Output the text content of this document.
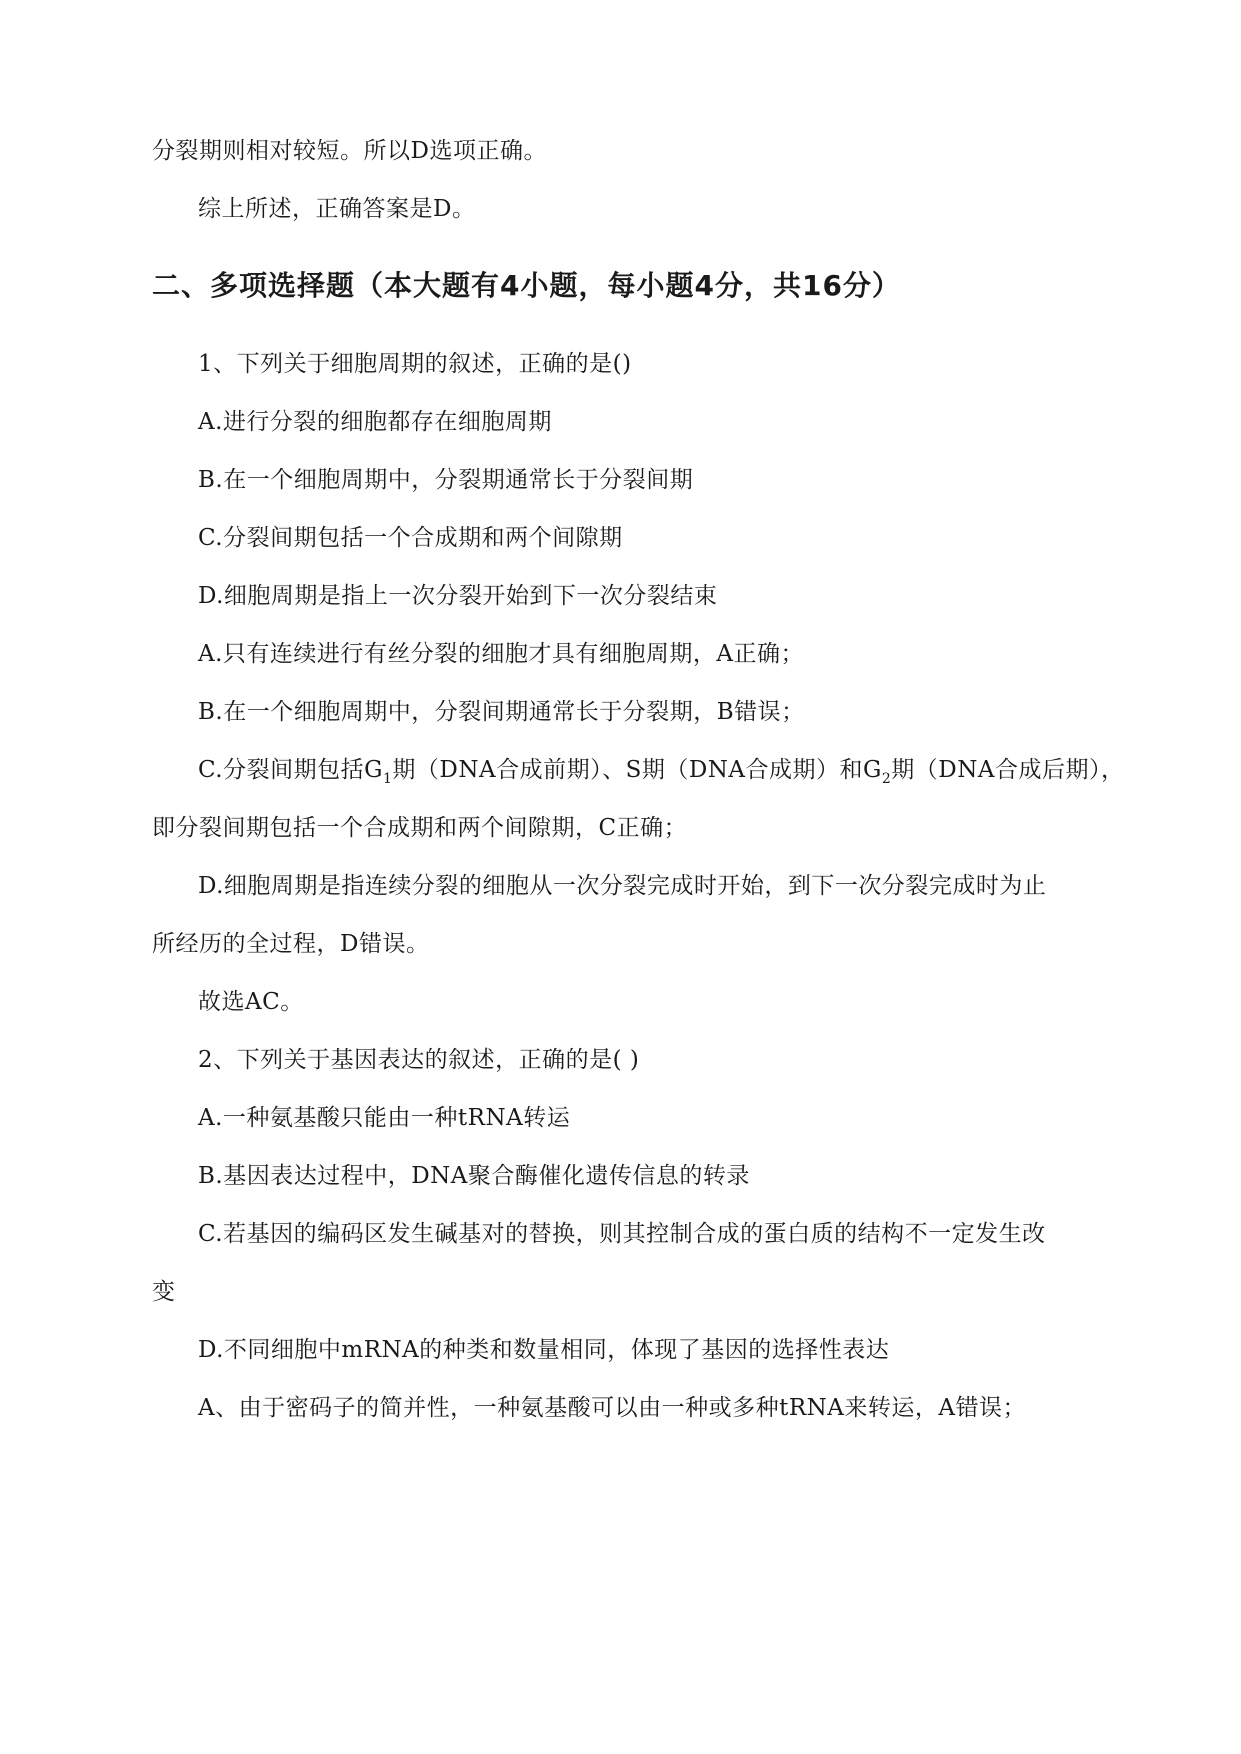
分裂期则相对较短。所以D选项正确。
综上所述，正确答案是D。
二、多项选择题（本大题有4小题，每小题4分，共16分）
1、下列关于细胞周期的叙述，正确的是()
A.进行分裂的细胞都存在细胞周期
B.在一个细胞周期中，分裂期通常长于分裂间期
C.分裂间期包括一个合成期和两个间隙期
D.细胞周期是指上一次分裂开始到下一次分裂结束
A.只有连续进行有丝分裂的细胞才具有细胞周期，A正确；
B.在一个细胞周期中，分裂间期通常长于分裂期，B错误；
C.分裂间期包括$G_1$期（DNA合成前期）、S期（DNA合成期）和$G_2$期（DNA合成后期），
即分裂间期包括一个合成期和两个间隙期，C正确；
D.细胞周期是指连续分裂的细胞从一次分裂完成时开始，到下一次分裂完成时为止
所经历的全过程，D错误。
故选AC。
2、下列关于基因表达的叙述，正确的是( )
A.一种氨基酸只能由一种tRNA转运
B.基因表达过程中，DNA聚合酶催化遗传信息的转录
C.若基因的编码区发生碱基对的替换，则其控制合成的蛋白质的结构不一定发生改
变
D.不同细胞中mRNA的种类和数量相同，体现了基因的选择性表达
A、由于密码子的简并性，一种氨基酸可以由一种或多种tRNA来转运，A错误；
